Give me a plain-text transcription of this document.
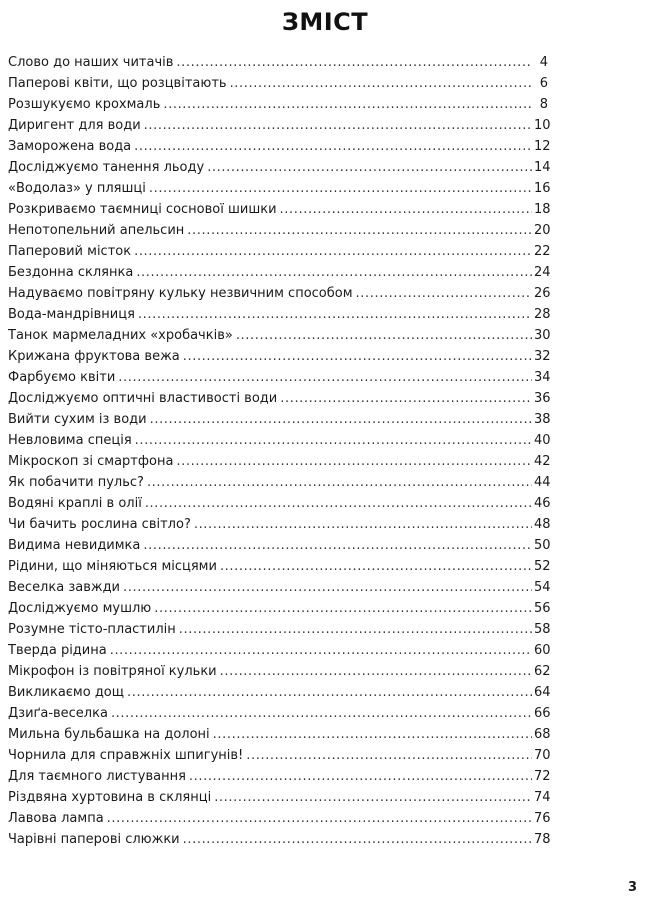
ЗМІСТ
Слово до наших читачів .....	4
Паперові квіти, що розцвітають .....	6
Розшукуємо крохмаль .....	8
Диригент для води .....	10
Заморожена вода .....	12
Досліджуємо танення льоду .....	14
«Водолаз» у пляшці .....	16
Розкриваємо таємниці соснової шишки .....	18
Непотопельний апельсин .....	20
Паперовий місток .....	22
Бездонна склянка .....	24
Надуваємо повітряну кульку незвичним способом .....	26
Вода-мандрівниця .....	28
Танок мармеладних «хробачків» .....	30
Крижана фруктова вежа .....	32
Фарбуємо квіти .....	34
Досліджуємо оптичні властивості води .....	36
Вийти сухим із води .....	38
Невловима спеція .....	40
Мікроскоп зі смартфона .....	42
Як побачити пульс? .....	44
Водяні краплі в олії .....	46
Чи бачить рослина світло? .....	48
Видима невидимка .....	50
Рідини, що міняються місцями .....	52
Веселка завжди .....	54
Досліджуємо мушлю .....	56
Розумне тісто-пластилін .....	58
Тверда рідина .....	60
Мікрофон із повітряної кульки .....	62
Викликаємо дощ .....	64
Дзиґа-веселка .....	66
Мильна бульбашка на долоні .....	68
Чорнила для справжніх шпигунів! .....	70
Для таємного листування .....	72
Різдвяна хуртовина в склянці .....	74
Лавова лампа .....	76
Чарівні паперові слюжки .....	78
3
